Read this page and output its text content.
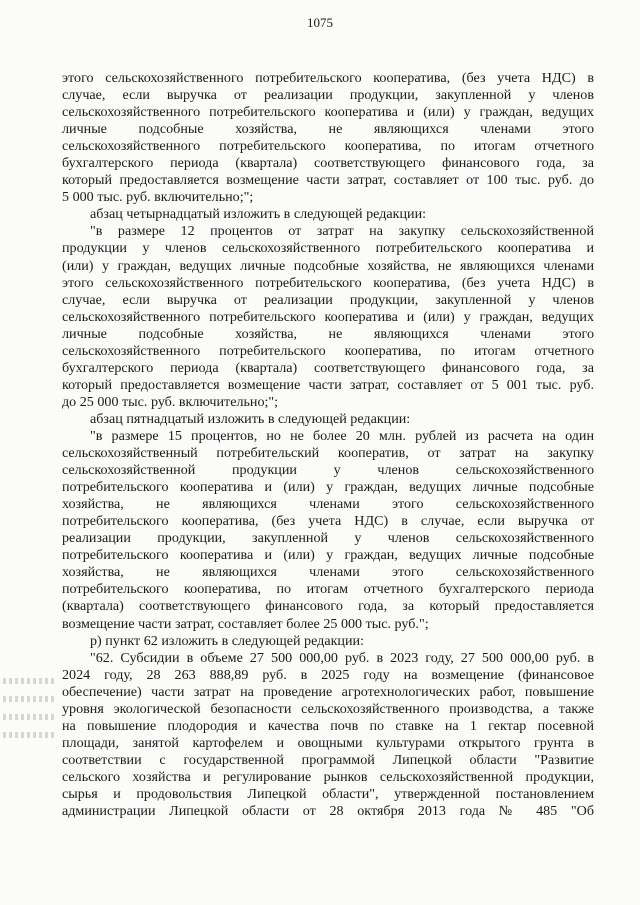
1075
этого сельскохозяйственного потребительского кооператива, (без учета НДС) в
случае, если выручка от реализации продукции, закупленной у членов
сельскохозяйственного потребительского кооператива и (или) у граждан, ведущих
личные подсобные хозяйства, не являющихся членами этого
сельскохозяйственного потребительского кооператива, по итогам отчетного
бухгалтерского периода (квартала) соответствующего финансового года, за
который предоставляется возмещение части затрат, составляет от 100 тыс. руб. до
5 000 тыс. руб. включительно;";
абзац четырнадцатый изложить в следующей редакции:
"в размере 12 процентов от затрат на закупку сельскохозяйственной
продукции у членов сельскохозяйственного потребительского кооператива и
(или) у граждан, ведущих личные подсобные хозяйства, не являющихся членами
этого сельскохозяйственного потребительского кооператива, (без учета НДС) в
случае, если выручка от реализации продукции, закупленной у членов
сельскохозяйственного потребительского кооператива и (или) у граждан, ведущих
личные подсобные хозяйства, не являющихся членами этого
сельскохозяйственного потребительского кооператива, по итогам отчетного
бухгалтерского периода (квартала) соответствующего финансового года, за
который предоставляется возмещение части затрат, составляет от 5 001 тыс. руб.
до 25 000 тыс. руб. включительно;";
абзац пятнадцатый изложить в следующей редакции:
"в размере 15 процентов, но не более 20 млн. рублей из расчета на один
сельскохозяйственный потребительский кооператив, от затрат на закупку
сельскохозяйственной продукции у членов сельскохозяйственного
потребительского кооператива и (или) у граждан, ведущих личные подсобные
хозяйства, не являющихся членами этого сельскохозяйственного
потребительского кооператива, (без учета НДС) в случае, если выручка от
реализации продукции, закупленной у членов сельскохозяйственного
потребительского кооператива и (или) у граждан, ведущих личные подсобные
хозяйства, не являющихся членами этого сельскохозяйственного
потребительского кооператива, по итогам отчетного бухгалтерского периода
(квартала) соответствующего финансового года, за который предоставляется
возмещение части затрат, составляет более 25 000 тыс. руб.";
р) пункт 62 изложить в следующей редакции:
"62. Субсидии в объеме 27 500 000,00 руб. в 2023 году, 27 500 000,00 руб. в
2024 году, 28 263 888,89 руб. в 2025 году на возмещение (финансовое
обеспечение) части затрат на проведение агротехнологических работ, повышение
уровня экологической безопасности сельскохозяйственного производства, а также
на повышение плодородия и качества почв по ставке на 1 гектар посевной
площади, занятой картофелем и овощными культурами открытого грунта в
соответствии с государственной программой Липецкой области "Развитие
сельского хозяйства и регулирование рынков сельскохозяйственной продукции,
сырья и продовольствия Липецкой области", утвержденной постановлением
администрации Липецкой области от 28 октября 2013 года № 485 "Об
